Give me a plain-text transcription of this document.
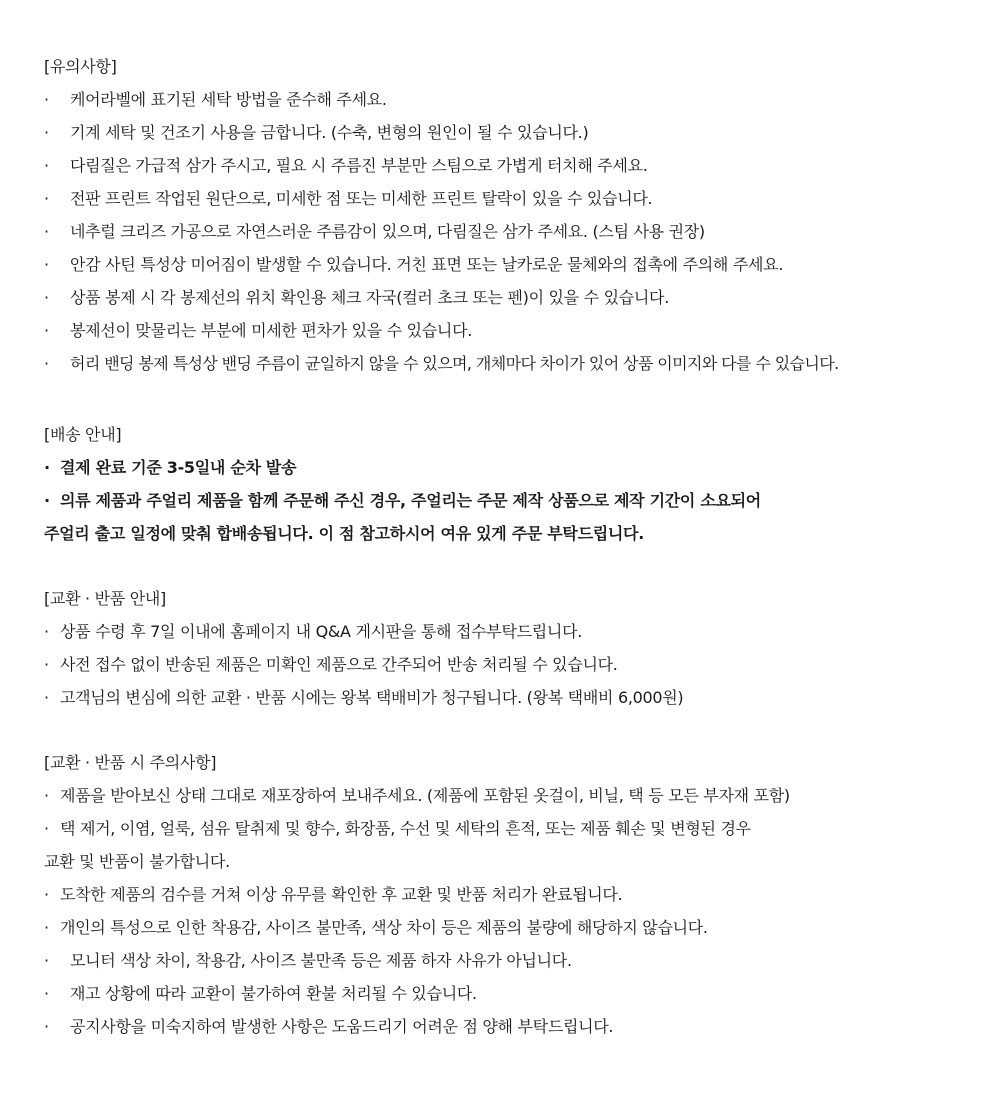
[유의사항]
· 케어라벨에 표기된 세탁 방법을 준수해 주세요.
· 기계 세탁 및 건조기 사용을 금합니다. (수축, 변형의 원인이 될 수 있습니다.)
· 다림질은 가급적 삼가 주시고, 필요 시 주름진 부분만 스팀으로 가볍게 터치해 주세요.
· 전판 프린트 작업된 원단으로, 미세한 점 또는 미세한 프린트 탈락이 있을 수 있습니다.
· 네추럴 크리즈 가공으로 자연스러운 주름감이 있으며, 다림질은 삼가 주세요. (스팀 사용 권장)
· 안감 사틴 특성상 미어짐이 발생할 수 있습니다. 거친 표면 또는 날카로운 물체와의 접촉에 주의해 주세요.
· 상품 봉제 시 각 봉제선의 위치 확인용 체크 자국(컬러 초크 또는 펜)이 있을 수 있습니다.
· 봉제선이 맞물리는 부분에 미세한 편차가 있을 수 있습니다.
· 허리 밴딩 봉제 특성상 밴딩 주름이 균일하지 않을 수 있으며, 개체마다 차이가 있어 상품 이미지와 다를 수 있습니다.
[배송 안내]
· 결제 완료 기준 3-5일내 순차 발송
· 의류 제품과 주얼리 제품을 함께 주문해 주신 경우, 주얼리는 주문 제작 상품으로 제작 기간이 소요되어
주얼리 출고 일정에 맞춰 합배송됩니다. 이 점 참고하시어 여유 있게 주문 부탁드립니다.
[교환 · 반품 안내]
· 상품 수령 후 7일 이내에 홈페이지 내 Q&A 게시판을 통해 접수부탁드립니다.
· 사전 접수 없이 반송된 제품은 미확인 제품으로 간주되어 반송 처리될 수 있습니다.
· 고객님의 변심에 의한 교환 · 반품 시에는 왕복 택배비가 청구됩니다. (왕복 택배비 6,000원)
[교환 · 반품 시 주의사항]
· 제품을 받아보신 상태 그대로 재포장하여 보내주세요. (제품에 포함된 옷걸이, 비닐, 택 등 모든 부자재 포함)
· 택 제거, 이염, 얼룩, 섬유 탈취제 및 향수, 화장품, 수선 및 세탁의 흔적, 또는 제품 훼손 및 변형된 경우
교환 및 반품이 불가합니다.
· 도착한 제품의 검수를 거쳐 이상 유무를 확인한 후 교환 및 반품 처리가 완료됩니다.
· 개인의 특성으로 인한 착용감, 사이즈 불만족, 색상 차이 등은 제품의 불량에 해당하지 않습니다.
· 모니터 색상 차이, 착용감, 사이즈 불만족 등은 제품 하자 사유가 아닙니다.
· 재고 상황에 따라 교환이 불가하여 환불 처리될 수 있습니다.
· 공지사항을 미숙지하여 발생한 사항은 도움드리기 어려운 점 양해 부탁드립니다.
